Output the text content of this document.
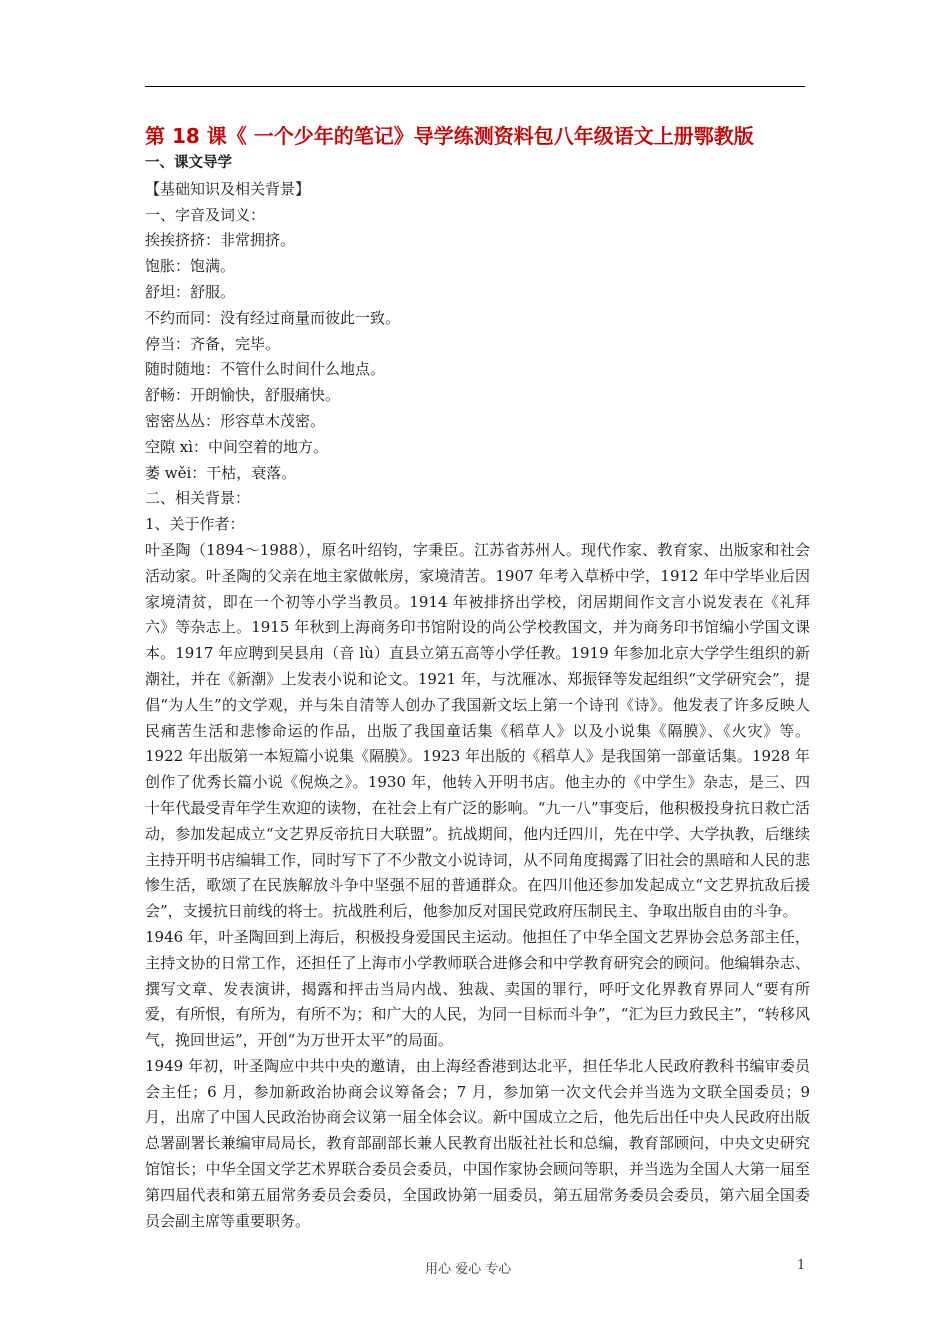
第 18 课《 一个少年的笔记》导学练测资料包八年级语文上册鄂教版
一、课文导学
【基础知识及相关背景】
一、字音及词义：
挨挨挤挤：非常拥挤。
饱胀：饱满。
舒坦：舒服。
不约而同：没有经过商量而彼此一致。
停当：齐备，完毕。
随时随地：不管什么时间什么地点。
舒畅：开朗愉快，舒服痛快。
密密丛丛：形容草木茂密。
空隙 xì：中间空着的地方。
萎 wěi：干枯，衰落。
二、相关背景：
1、关于作者：
叶圣陶（1894～1988），原名叶绍钧，字秉臣。江苏省苏州人。现代作家、教育家、出版家和社会活动家。叶圣陶的父亲在地主家做帐房，家境清苦。1907 年考入草桥中学，1912 年中学毕业后因家境清贫，即在一个初等小学当教员。1914 年被排挤出学校，闭居期间作文言小说发表在《礼拜六》等杂志上。1915 年秋到上海商务印书馆附设的尚公学校教国文，并为商务印书馆编小学国文课本。1917 年应聘到吴县甪（音 lù）直县立第五高等小学任教。1919 年参加北京大学学生组织的新潮社，并在《新潮》上发表小说和论文。1921 年，与沈雁冰、郑振铎等发起组织“文学研究会”，提倡“为人生”的文学观，并与朱自清等人创办了我国新文坛上第一个诗刊《诗》。他发表了许多反映人民痛苦生活和悲惨命运的作品，出版了我国童话集《稻草人》以及小说集《隔膜》、《火灾》等。1922 年出版第一本短篇小说集《隔膜》。1923 年出版的《稻草人》是我国第一部童话集。1928 年创作了优秀长篇小说《倪焕之》。1930 年，他转入开明书店。他主办的《中学生》杂志，是三、四十年代最受青年学生欢迎的读物，在社会上有广泛的影响。“九一八”事变后，他积极投身抗日救亡活动，参加发起成立“文艺界反帝抗日大联盟”。抗战期间，他内迁四川，先在中学、大学执教，后继续主持开明书店编辑工作，同时写下了不少散文小说诗词，从不同角度揭露了旧社会的黑暗和人民的悲惨生活，歌颂了在民族解放斗争中坚强不屈的普通群众。在四川他还参加发起成立“文艺界抗敌后援会”，支援抗日前线的将士。抗战胜利后，他参加反对国民党政府压制民主、争取出版自由的斗争。
1946 年，叶圣陶回到上海后，积极投身爱国民主运动。他担任了中华全国文艺界协会总务部主任，主持文协的日常工作，还担任了上海市小学教师联合进修会和中学教育研究会的顾问。他编辑杂志、撰写文章、发表演讲，揭露和抨击当局内战、独裁、卖国的罪行，呼吁文化界教育界同人“要有所爱，有所恨，有所为，有所不为；和广大的人民，为同一目标而斗争”，“汇为巨力致民主”，“转移风气，挽回世运”，开创“为万世开太平”的局面。
1949 年初，叶圣陶应中共中央的邀请，由上海经香港到达北平，担任华北人民政府教科书编审委员会主任；6 月，参加新政治协商会议筹备会；7 月，参加第一次文代会并当选为文联全国委员；9 月，出席了中国人民政治协商会议第一届全体会议。新中国成立之后，他先后出任中央人民政府出版总署副署长兼编审局局长，教育部副部长兼人民教育出版社社长和总编，教育部顾问，中央文史研究馆馆长；中华全国文学艺术界联合委员会委员，中国作家协会顾问等职，并当选为全国人大第一届至第四届代表和第五届常务委员会委员，全国政协第一届委员，第五届常务委员会委员，第六届全国委员会副主席等重要职务。
用心 爱心 专心	1
